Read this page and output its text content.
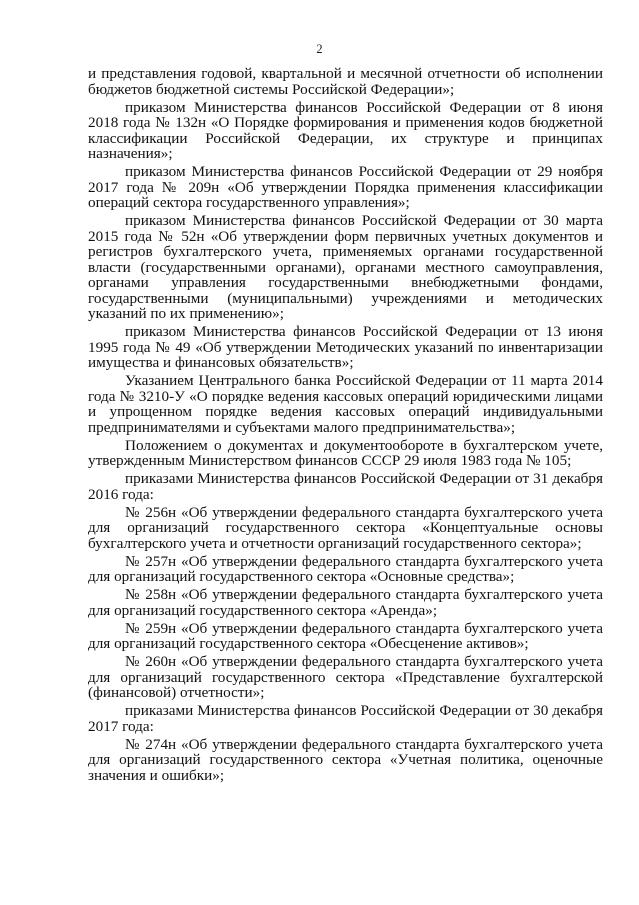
2

и представления годовой, квартальной и месячной отчетности об исполнении бюджетов бюджетной системы Российской Федерации»;

приказом Министерства финансов Российской Федерации от 8 июня 2018 года № 132н «О Порядке формирования и применения кодов бюджетной классификации Российской Федерации, их структуре и принципах назначения»;

приказом Министерства финансов Российской Федерации от 29 ноября 2017 года № 209н «Об утверждении Порядка применения классификации операций сектора государственного управления»;

приказом Министерства финансов Российской Федерации от 30 марта 2015 года № 52н «Об утверждении форм первичных учетных документов и регистров бухгалтерского учета, применяемых органами государственной власти (государственными органами), органами местного самоуправления, органами управления государственными внебюджетными фондами, государственными (муниципальными) учреждениями и методических указаний по их применению»;

приказом Министерства финансов Российской Федерации от 13 июня 1995 года № 49 «Об утверждении Методических указаний по инвентаризации имущества и финансовых обязательств»;

Указанием Центрального банка Российской Федерации от 11 марта 2014 года № 3210-У «О порядке ведения кассовых операций юридическими лицами и упрощенном порядке ведения кассовых операций индивидуальными предпринимателями и субъектами малого предпринимательства»;

Положением о документах и документообороте в бухгалтерском учете, утвержденным Министерством финансов СССР 29 июля 1983 года № 105;

приказами Министерства финансов Российской Федерации от 31 декабря 2016 года:

№ 256н «Об утверждении федерального стандарта бухгалтерского учета для организаций государственного сектора «Концептуальные основы бухгалтерского учета и отчетности организаций государственного сектора»;

№ 257н «Об утверждении федерального стандарта бухгалтерского учета для организаций государственного сектора «Основные средства»;

№ 258н «Об утверждении федерального стандарта бухгалтерского учета для организаций государственного сектора «Аренда»;

№ 259н «Об утверждении федерального стандарта бухгалтерского учета для организаций государственного сектора «Обесценение активов»;

№ 260н «Об утверждении федерального стандарта бухгалтерского учета для организаций государственного сектора «Представление бухгалтерской (финансовой) отчетности»;

приказами Министерства финансов Российской Федерации от 30 декабря 2017 года:

№ 274н «Об утверждении федерального стандарта бухгалтерского учета для организаций государственного сектора «Учетная политика, оценочные значения и ошибки»;
